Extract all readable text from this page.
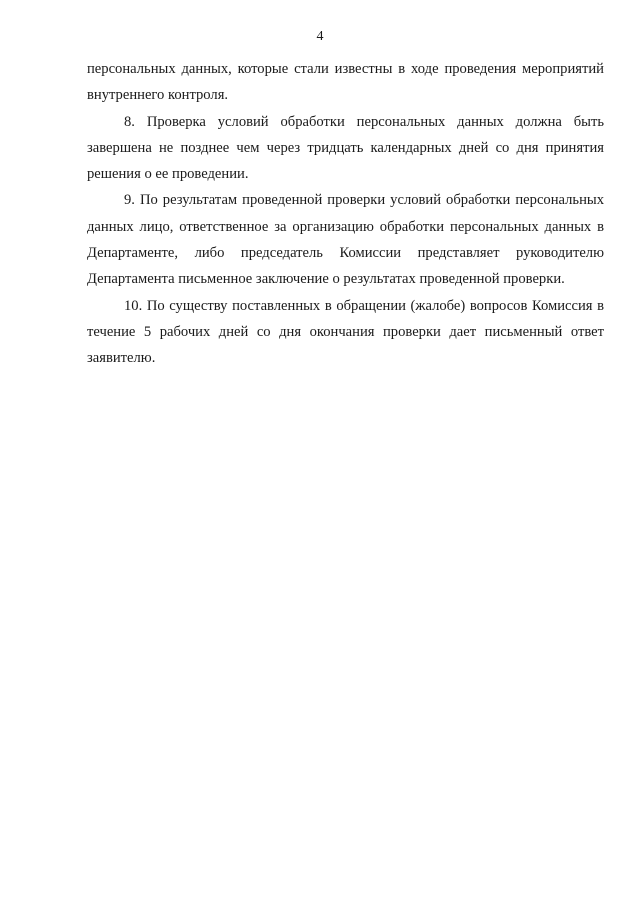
4

персональных данных, которые стали известны в ходе проведения мероприятий внутреннего контроля.

8. Проверка условий обработки персональных данных должна быть завершена не позднее чем через тридцать календарных дней со дня принятия решения о ее проведении.

9. По результатам проведенной проверки условий обработки персональных данных лицо, ответственное за организацию обработки персональных данных в Департаменте, либо председатель Комиссии представляет руководителю Департамента письменное заключение о результатах проведенной проверки.

10. По существу поставленных в обращении (жалобе) вопросов Комиссия в течение 5 рабочих дней со дня окончания проверки дает письменный ответ заявителю.
